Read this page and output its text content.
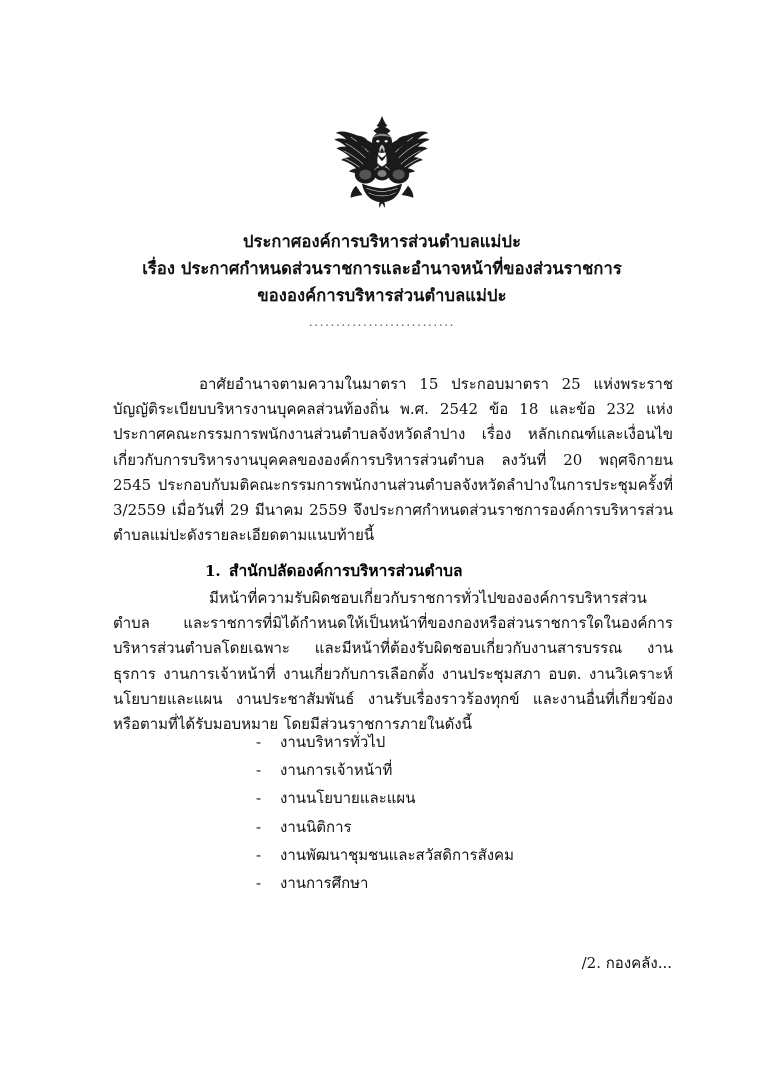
ประกาศองค์การบริหารส่วนตำบลแม่ปะ
เรื่อง ประกาศกำหนดส่วนราชการและอำนาจหน้าที่ของส่วนราชการ
ขององค์การบริหารส่วนตำบลแม่ปะ
...........................

อาศัยอำนาจตามความในมาตรา 15 ประกอบมาตรา 25 แห่งพระราชบัญญัติระเบียบบริหารงานบุคคลส่วนท้องถิ่น พ.ศ. 2542 ข้อ 18 และข้อ 232 แห่งประกาศคณะกรรมการพนักงานส่วนตำบลจังหวัดลำปาง เรื่อง หลักเกณฑ์และเงื่อนไขเกี่ยวกับการบริหารงานบุคคลขององค์การบริหารส่วนตำบล ลงวันที่ 20 พฤศจิกายน 2545 ประกอบกับมติคณะกรรมการพนักงานส่วนตำบลจังหวัดลำปางในการประชุมครั้งที่ 3/2559 เมื่อวันที่ 29 มีนาคม 2559 จึงประกาศกำหนดส่วนราชการองค์การบริหารส่วนตำบลแม่ปะดังรายละเอียดตามแนบท้ายนี้

1. สำนักปลัดองค์การบริหารส่วนตำบล

มีหน้าที่ความรับผิดชอบเกี่ยวกับราชการทั่วไปขององค์การบริหารส่วนตำบล และราชการที่มิได้กำหนดให้เป็นหน้าที่ของกองหรือส่วนราชการใดในองค์การบริหารส่วนตำบลโดยเฉพาะ และมีหน้าที่ต้องรับผิดชอบเกี่ยวกับงานสารบรรณ งานธุรการ งานการเจ้าหน้าที่ งานเกี่ยวกับการเลือกตั้ง งานประชุมสภา อบต. งานวิเคราะห์นโยบายและแผน งานประชาสัมพันธ์ งานรับเรื่องราวร้องทุกข์ และงานอื่นที่เกี่ยวข้อง หรือตามที่ได้รับมอบหมาย โดยมีส่วนราชการภายในดังนี้

-	งานบริหารทั่วไป
-	งานการเจ้าหน้าที่
-	งานนโยบายและแผน
-	งานนิติการ
-	งานพัฒนาชุมชนและสวัสดิการสังคม
-	งานการศึกษา
/2. กองคลัง...
